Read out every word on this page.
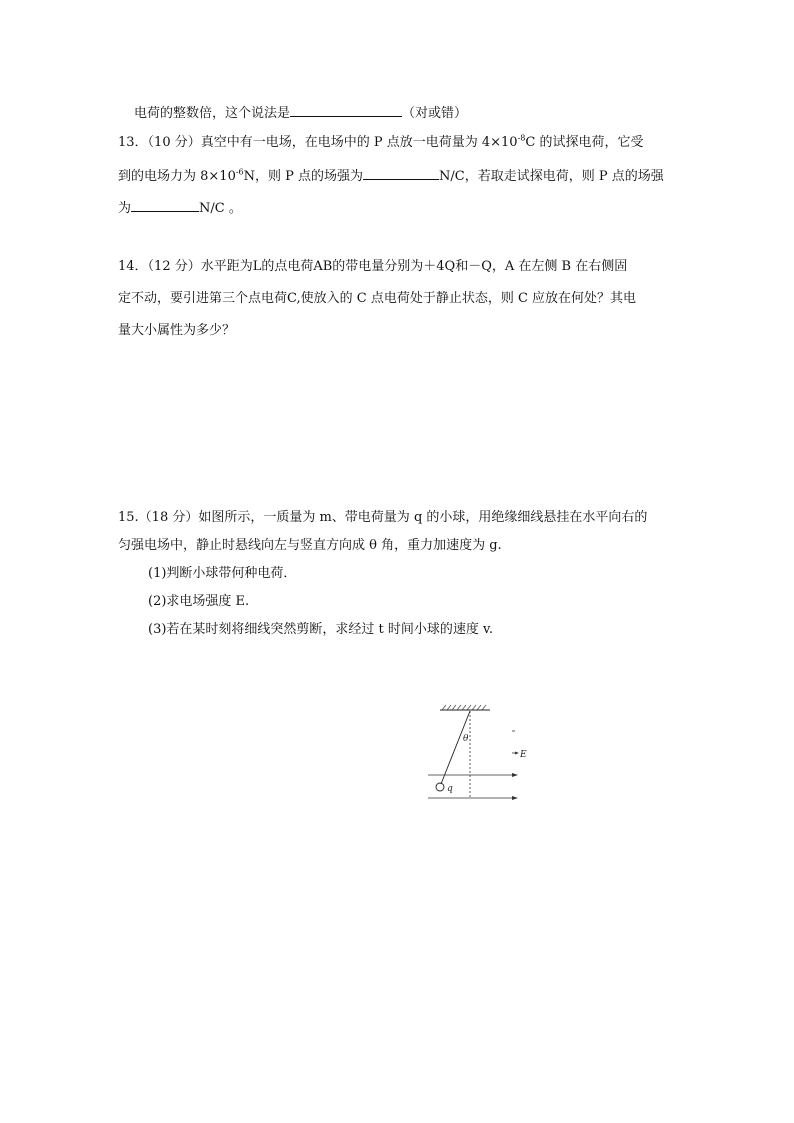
电荷的整数倍，这个说法是	（对或错）
13．（10 分）真空中有一电场，在电场中的 P 点放一电荷量为 $4\times 10^{-8}C$ 的试探电荷，它受
到的电场力为 $8\times 10^{-6}N$，则 P 点的场强为	N/C，若取走试探电荷，则 P 点的场强
为	N/C 。
14．（12 分）水平距为L的点电荷AB的带电量分别为＋4Q和－Q，A 在左侧 B 在右侧固
定不动，要引进第三个点电荷C,使放入的 C 点电荷处于静止状态，则 C 应放在何处？其电
量大小属性为多少？
15.（18 分）如图所示，一质量为 m、带电荷量为 q 的小球，用绝缘细线悬挂在水平向右的
匀强电场中，静止时悬线向左与竖直方向成 θ 角，重力加速度为 g.
(1)判断小球带何种电荷．
(2)求电场强度 E.
(3)若在某时刻将细线突然剪断，求经过 t 时间小球的速度 v.
q
θ
E
